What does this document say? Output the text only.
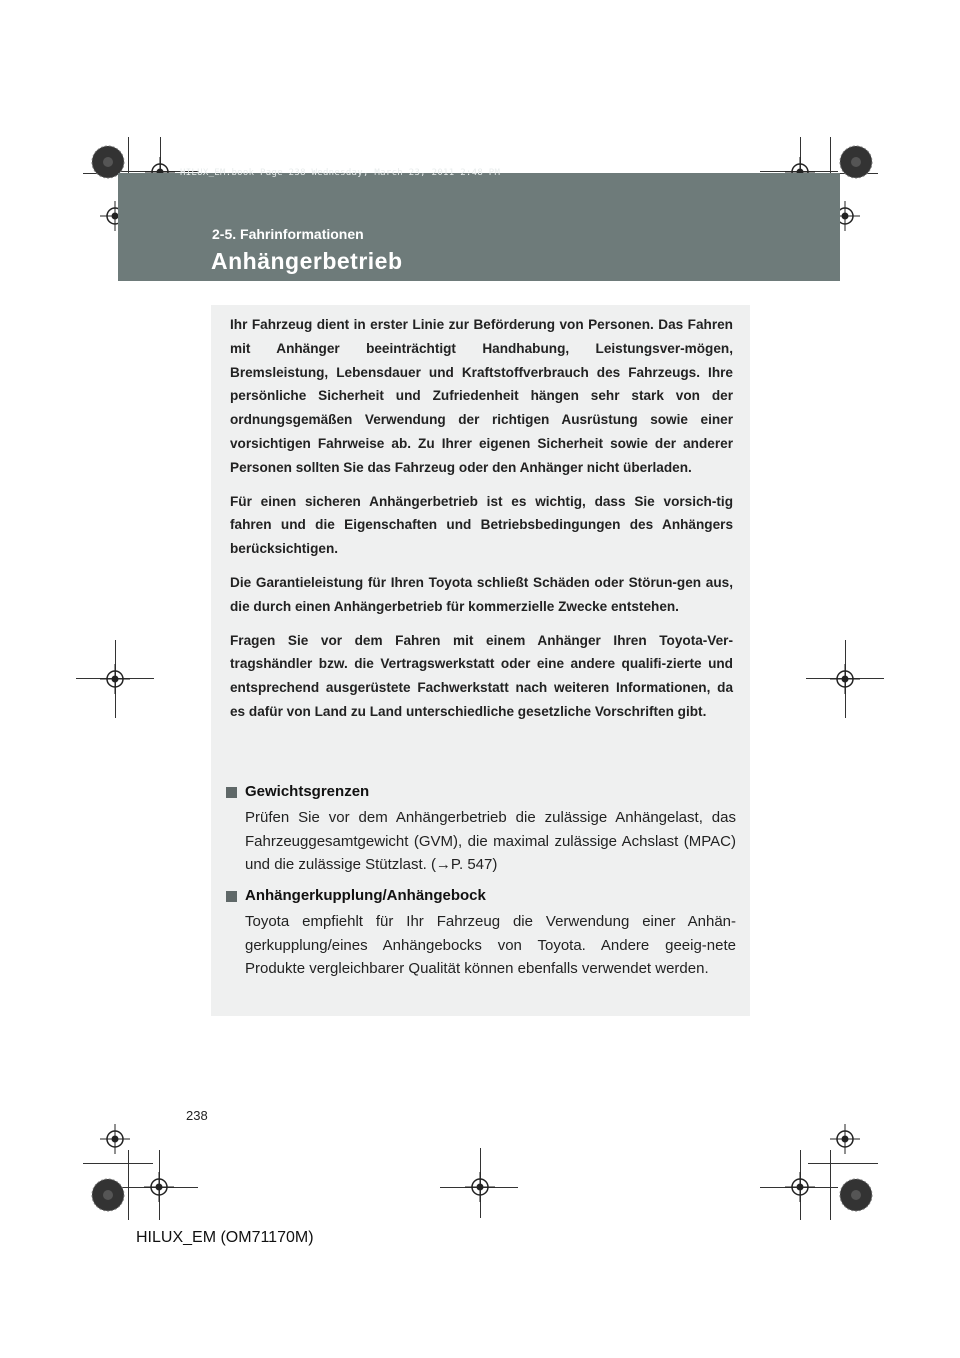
HILUX_EM.book Page 238 Wednesday, March 23, 2011 2:48 PM
2-5. Fahrinformationen
Anhängerbetrieb

Ihr Fahrzeug dient in erster Linie zur Beförderung von Personen. Das Fahren mit Anhänger beeinträchtigt Handhabung, Leistungsver-mögen, Bremsleistung, Lebensdauer und Kraftstoffverbrauch des Fahrzeugs. Ihre persönliche Sicherheit und Zufriedenheit hängen sehr stark von der ordnungsgemäßen Verwendung der richtigen Ausrüstung sowie einer vorsichtigen Fahrweise ab. Zu Ihrer eigenen Sicherheit sowie der anderer Personen sollten Sie das Fahrzeug oder den Anhänger nicht überladen.

Für einen sicheren Anhängerbetrieb ist es wichtig, dass Sie vorsich-tig fahren und die Eigenschaften und Betriebsbedingungen des Anhängers berücksichtigen.

Die Garantieleistung für Ihren Toyota schließt Schäden oder Störun-gen aus, die durch einen Anhängerbetrieb für kommerzielle Zwecke entstehen.

Fragen Sie vor dem Fahren mit einem Anhänger Ihren Toyota-Ver-tragshändler bzw. die Vertragswerkstatt oder eine andere qualifi-zierte und entsprechend ausgerüstete Fachwerkstatt nach weiteren Informationen, da es dafür von Land zu Land unterschiedliche gesetzliche Vorschriften gibt.

Gewichtsgrenzen
Prüfen Sie vor dem Anhängerbetrieb die zulässige Anhängelast, das Fahrzeuggesamtgewicht (GVM), die maximal zulässige Achslast (MPAC) und die zulässige Stützlast. (→P. 547)
Anhängerkupplung/Anhängebock
Toyota empfiehlt für Ihr Fahrzeug die Verwendung einer Anhän-gerkupplung/eines Anhängebocks von Toyota. Andere geeig-nete Produkte vergleichbarer Qualität können ebenfalls verwendet werden.
238
HILUX_EM (OM71170M)
